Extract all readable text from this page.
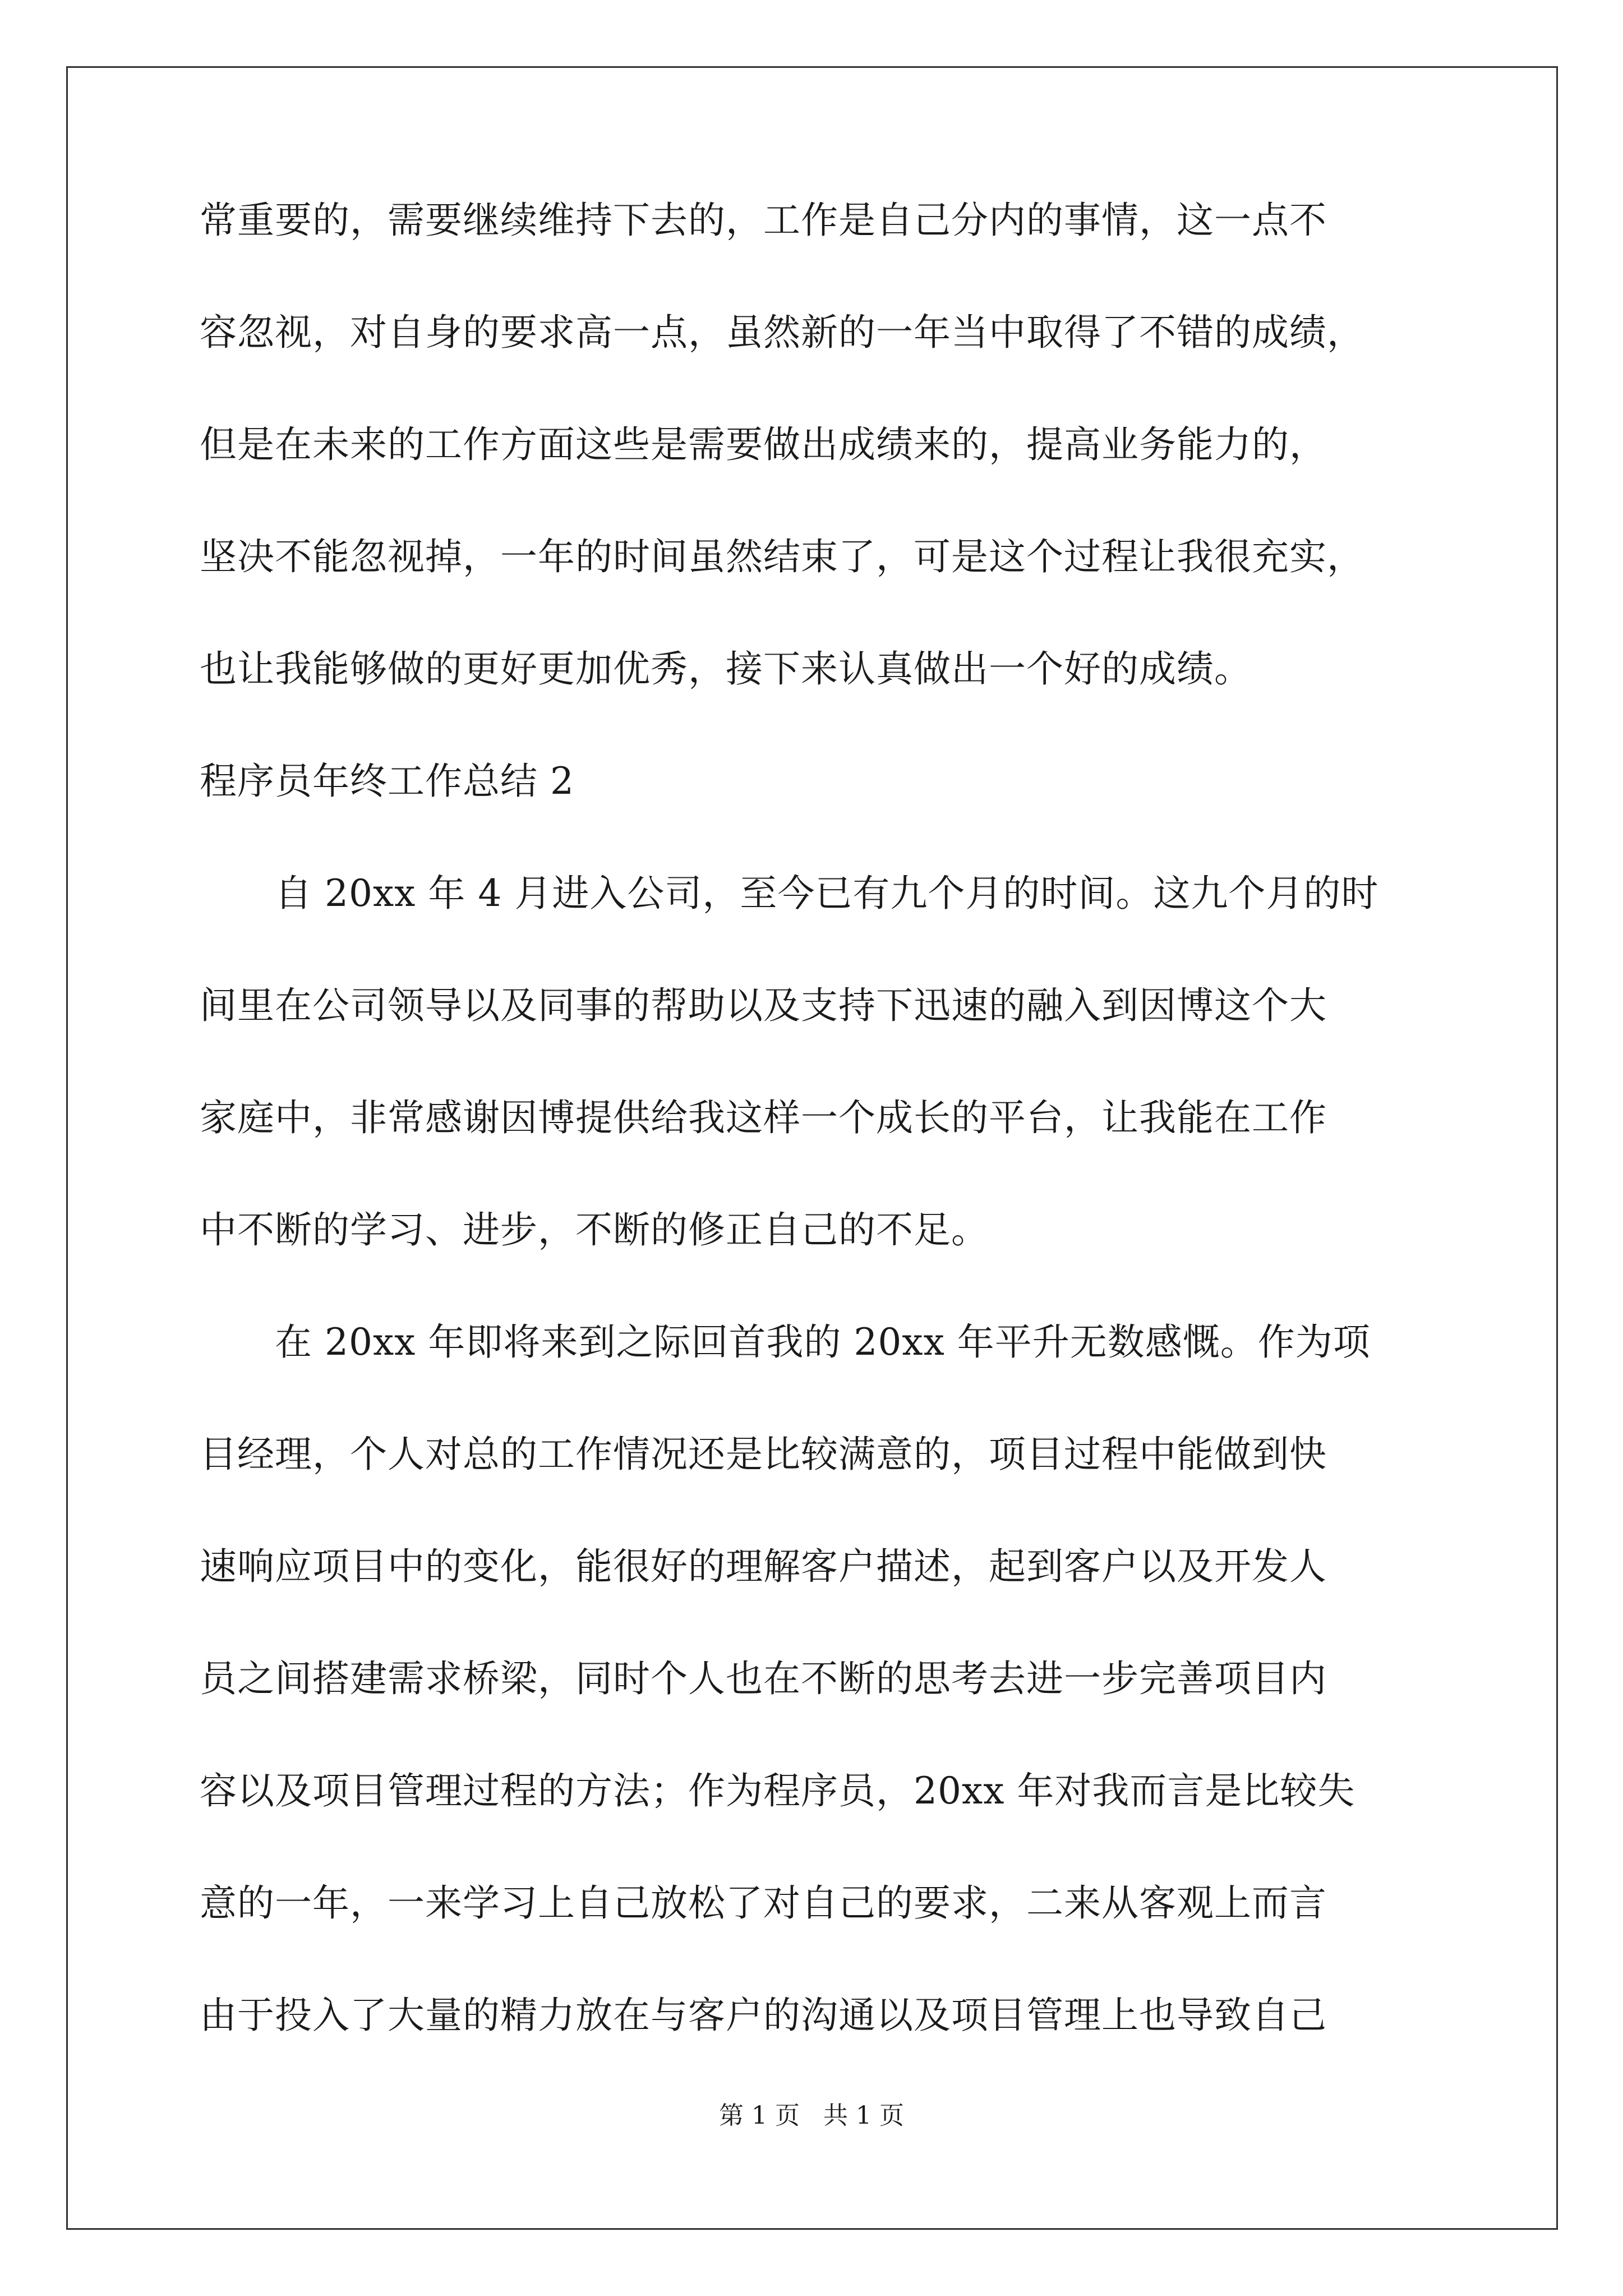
常重要的，需要继续维持下去的，工作是自己分内的事情，这一点不

容忽视，对自身的要求高一点，虽然新的一年当中取得了不错的成绩，

但是在未来的工作方面这些是需要做出成绩来的，提高业务能力的，

坚决不能忽视掉，一年的时间虽然结束了，可是这个过程让我很充实，

也让我能够做的更好更加优秀，接下来认真做出一个好的成绩。

程序员年终工作总结 2

自 20xx 年 4 月进入公司，至今已有九个月的时间。这九个月的时

间里在公司领导以及同事的帮助以及支持下迅速的融入到因博这个大

家庭中，非常感谢因博提供给我这样一个成长的平台，让我能在工作

中不断的学习、进步，不断的修正自己的不足。

在 20xx 年即将来到之际回首我的 20xx 年平升无数感慨。作为项

目经理，个人对总的工作情况还是比较满意的，项目过程中能做到快

速响应项目中的变化，能很好的理解客户描述，起到客户以及开发人

员之间搭建需求桥梁，同时个人也在不断的思考去进一步完善项目内

容以及项目管理过程的方法；作为程序员，20xx 年对我而言是比较失

意的一年，一来学习上自己放松了对自己的要求，二来从客观上而言

由于投入了大量的精力放在与客户的沟通以及项目管理上也导致自己

第 1 页   共 1 页
